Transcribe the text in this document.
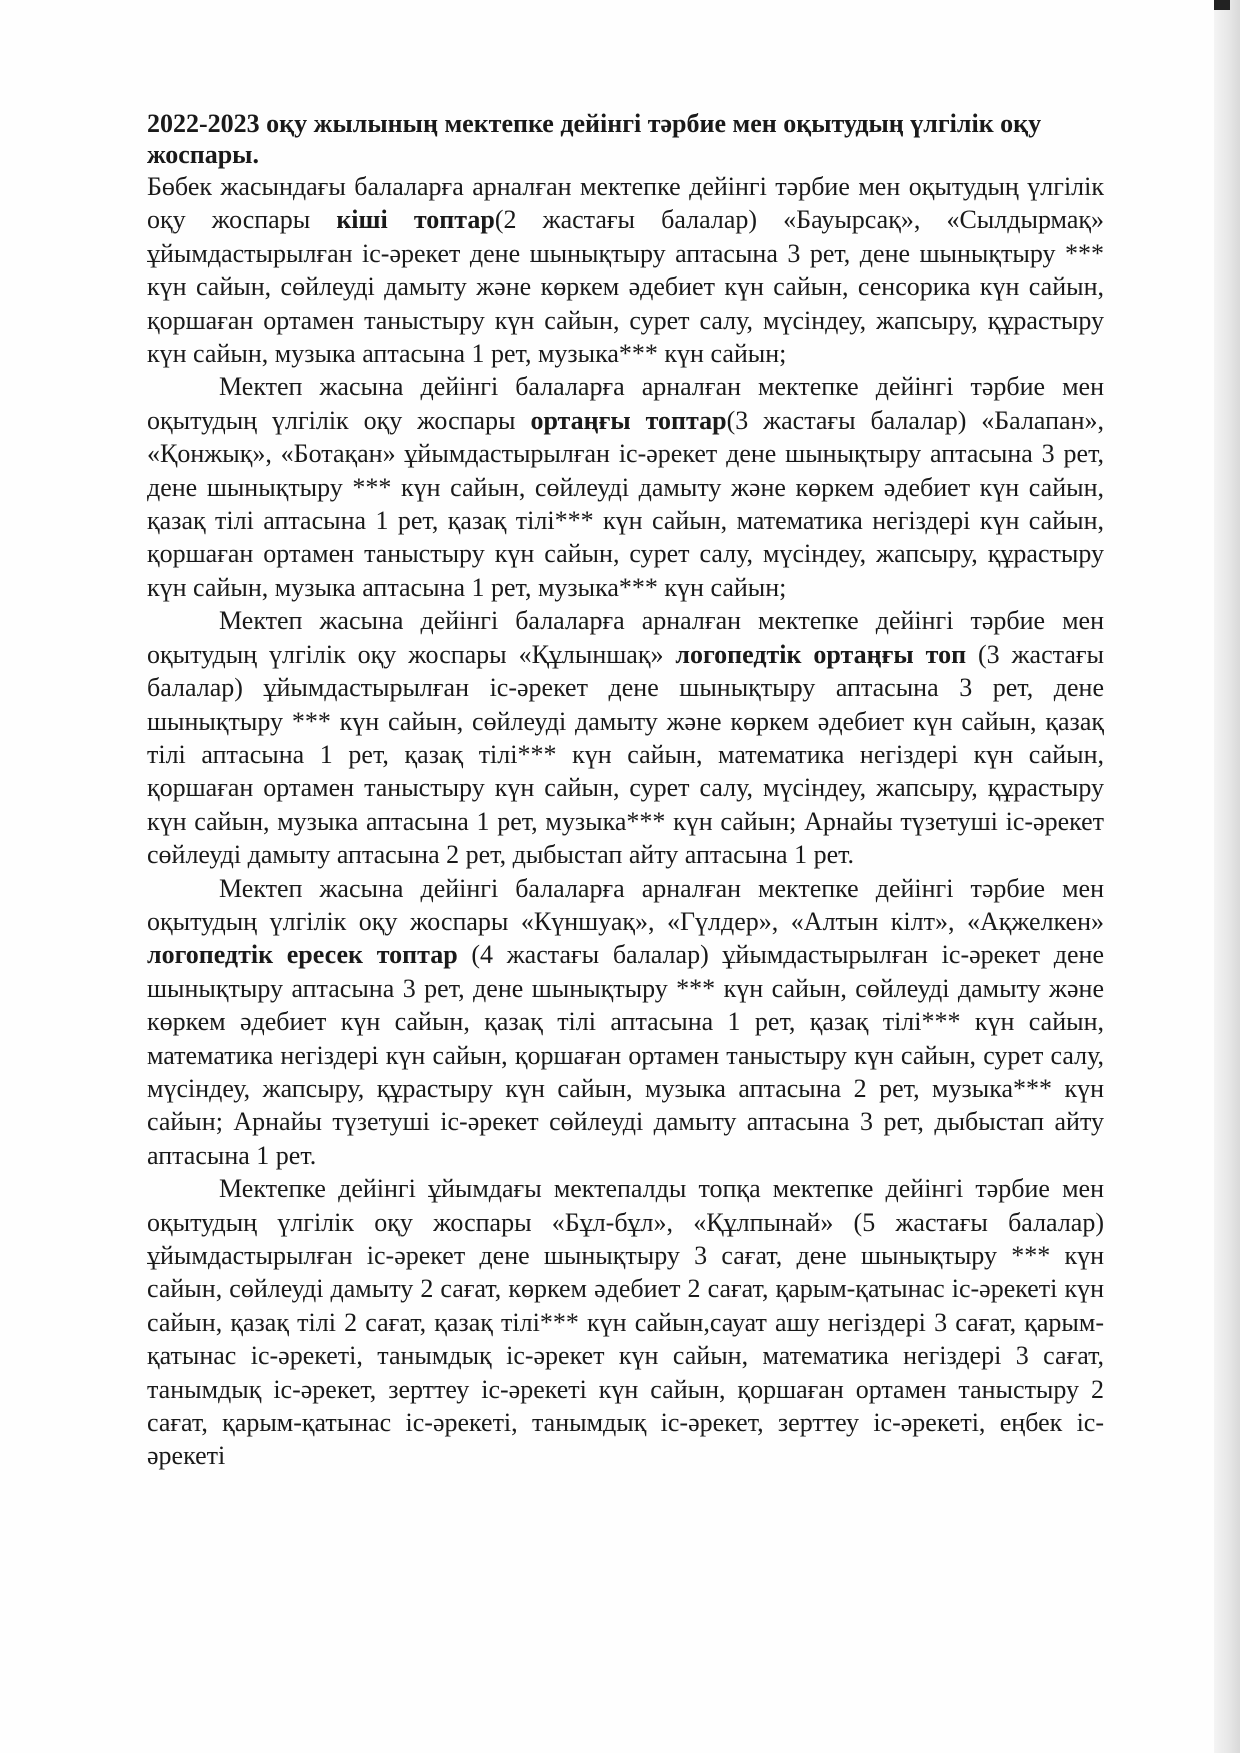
2022-2023 оқу жылының мектепке дейінгі тәрбие мен оқытудың үлгілік оқу жоспары.

Бөбек жасындағы балаларға арналған мектепке дейінгі тәрбие мен оқытудың үлгілік оқу жоспары кіші топтар(2 жастағы балалар) «Бауырсақ», «Сылдырмақ» ұйымдастырылған іс-әрекет дене шынықтыру аптасына 3 рет, дене шынықтыру *** күн сайын, сөйлеуді дамыту және көркем әдебиет күн сайын, сенсорика күн сайын, қоршаған ортамен таныстыру күн сайын, сурет салу, мүсіндеу, жапсыру, құрастыру күн сайын, музыка аптасына 1 рет, музыка*** күн сайын;

Мектеп жасына дейінгі балаларға арналған мектепке дейінгі тәрбие мен оқытудың үлгілік оқу жоспары ортаңғы топтар(3 жастағы балалар) «Балапан», «Қонжық», «Ботақан» ұйымдастырылған іс-әрекет дене шынықтыру аптасына 3 рет, дене шынықтыру *** күн сайын, сөйлеуді дамыту және көркем әдебиет күн сайын, қазақ тілі аптасына 1 рет, қазақ тілі*** күн сайын, математика негіздері күн сайын, қоршаған ортамен таныстыру күн сайын, сурет салу, мүсіндеу, жапсыру, құрастыру күн сайын, музыка аптасына 1 рет, музыка*** күн сайын;

Мектеп жасына дейінгі балаларға арналған мектепке дейінгі тәрбие мен оқытудың үлгілік оқу жоспары «Құлыншақ» логопедтік ортаңғы топ (3 жастағы балалар) ұйымдастырылған іс-әрекет дене шынықтыру аптасына 3 рет, дене шынықтыру *** күн сайын, сөйлеуді дамыту және көркем әдебиет күн сайын, қазақ тілі аптасына 1 рет, қазақ тілі*** күн сайын, математика негіздері күн сайын, қоршаған ортамен таныстыру күн сайын, сурет салу, мүсіндеу, жапсыру, құрастыру күн сайын, музыка аптасына 1 рет, музыка*** күн сайын; Арнайы түзетуші іс-әрекет сөйлеуді дамыту аптасына 2 рет, дыбыстап айту аптасына 1 рет.

Мектеп жасына дейінгі балаларға арналған мектепке дейінгі тәрбие мен оқытудың үлгілік оқу жоспары «Күншуақ», «Гүлдер», «Алтын кілт», «Ақжелкен» логопедтік ересек топтар (4 жастағы балалар) ұйымдастырылған іс-әрекет дене шынықтыру аптасына 3 рет, дене шынықтыру *** күн сайын, сөйлеуді дамыту және көркем әдебиет күн сайын, қазақ тілі аптасына 1 рет, қазақ тілі*** күн сайын, математика негіздері күн сайын, қоршаған ортамен таныстыру күн сайын, сурет салу, мүсіндеу, жапсыру, құрастыру күн сайын, музыка аптасына 2 рет, музыка*** күн сайын; Арнайы түзетуші іс-әрекет сөйлеуді дамыту аптасына 3 рет, дыбыстап айту аптасына 1 рет.

Мектепке дейінгі ұйымдағы мектепалды топқа мектепке дейінгі тәрбие мен оқытудың үлгілік оқу жоспары «Бұл-бұл», «Құлпынай» (5 жастағы балалар) ұйымдастырылған іс-әрекет дене шынықтыру 3 сағат, дене шынықтыру *** күн сайын, сөйлеуді дамыту 2 сағат, көркем әдебиет 2 сағат, қарым-қатынас іс-әрекеті күн сайын, қазақ тілі 2 сағат, қазақ тілі*** күн сайын,сауат ашу негіздері 3 сағат, қарым-қатынас іс-әрекеті, танымдық іс-әрекет күн сайын, математика негіздері 3 сағат, танымдық іс-әрекет, зерттеу іс-әрекеті күн сайын, қоршаған ортамен таныстыру 2 сағат, қарым-қатынас іс-әрекеті, танымдық іс-әрекет, зерттеу іс-әрекеті, еңбек іс-әрекеті
